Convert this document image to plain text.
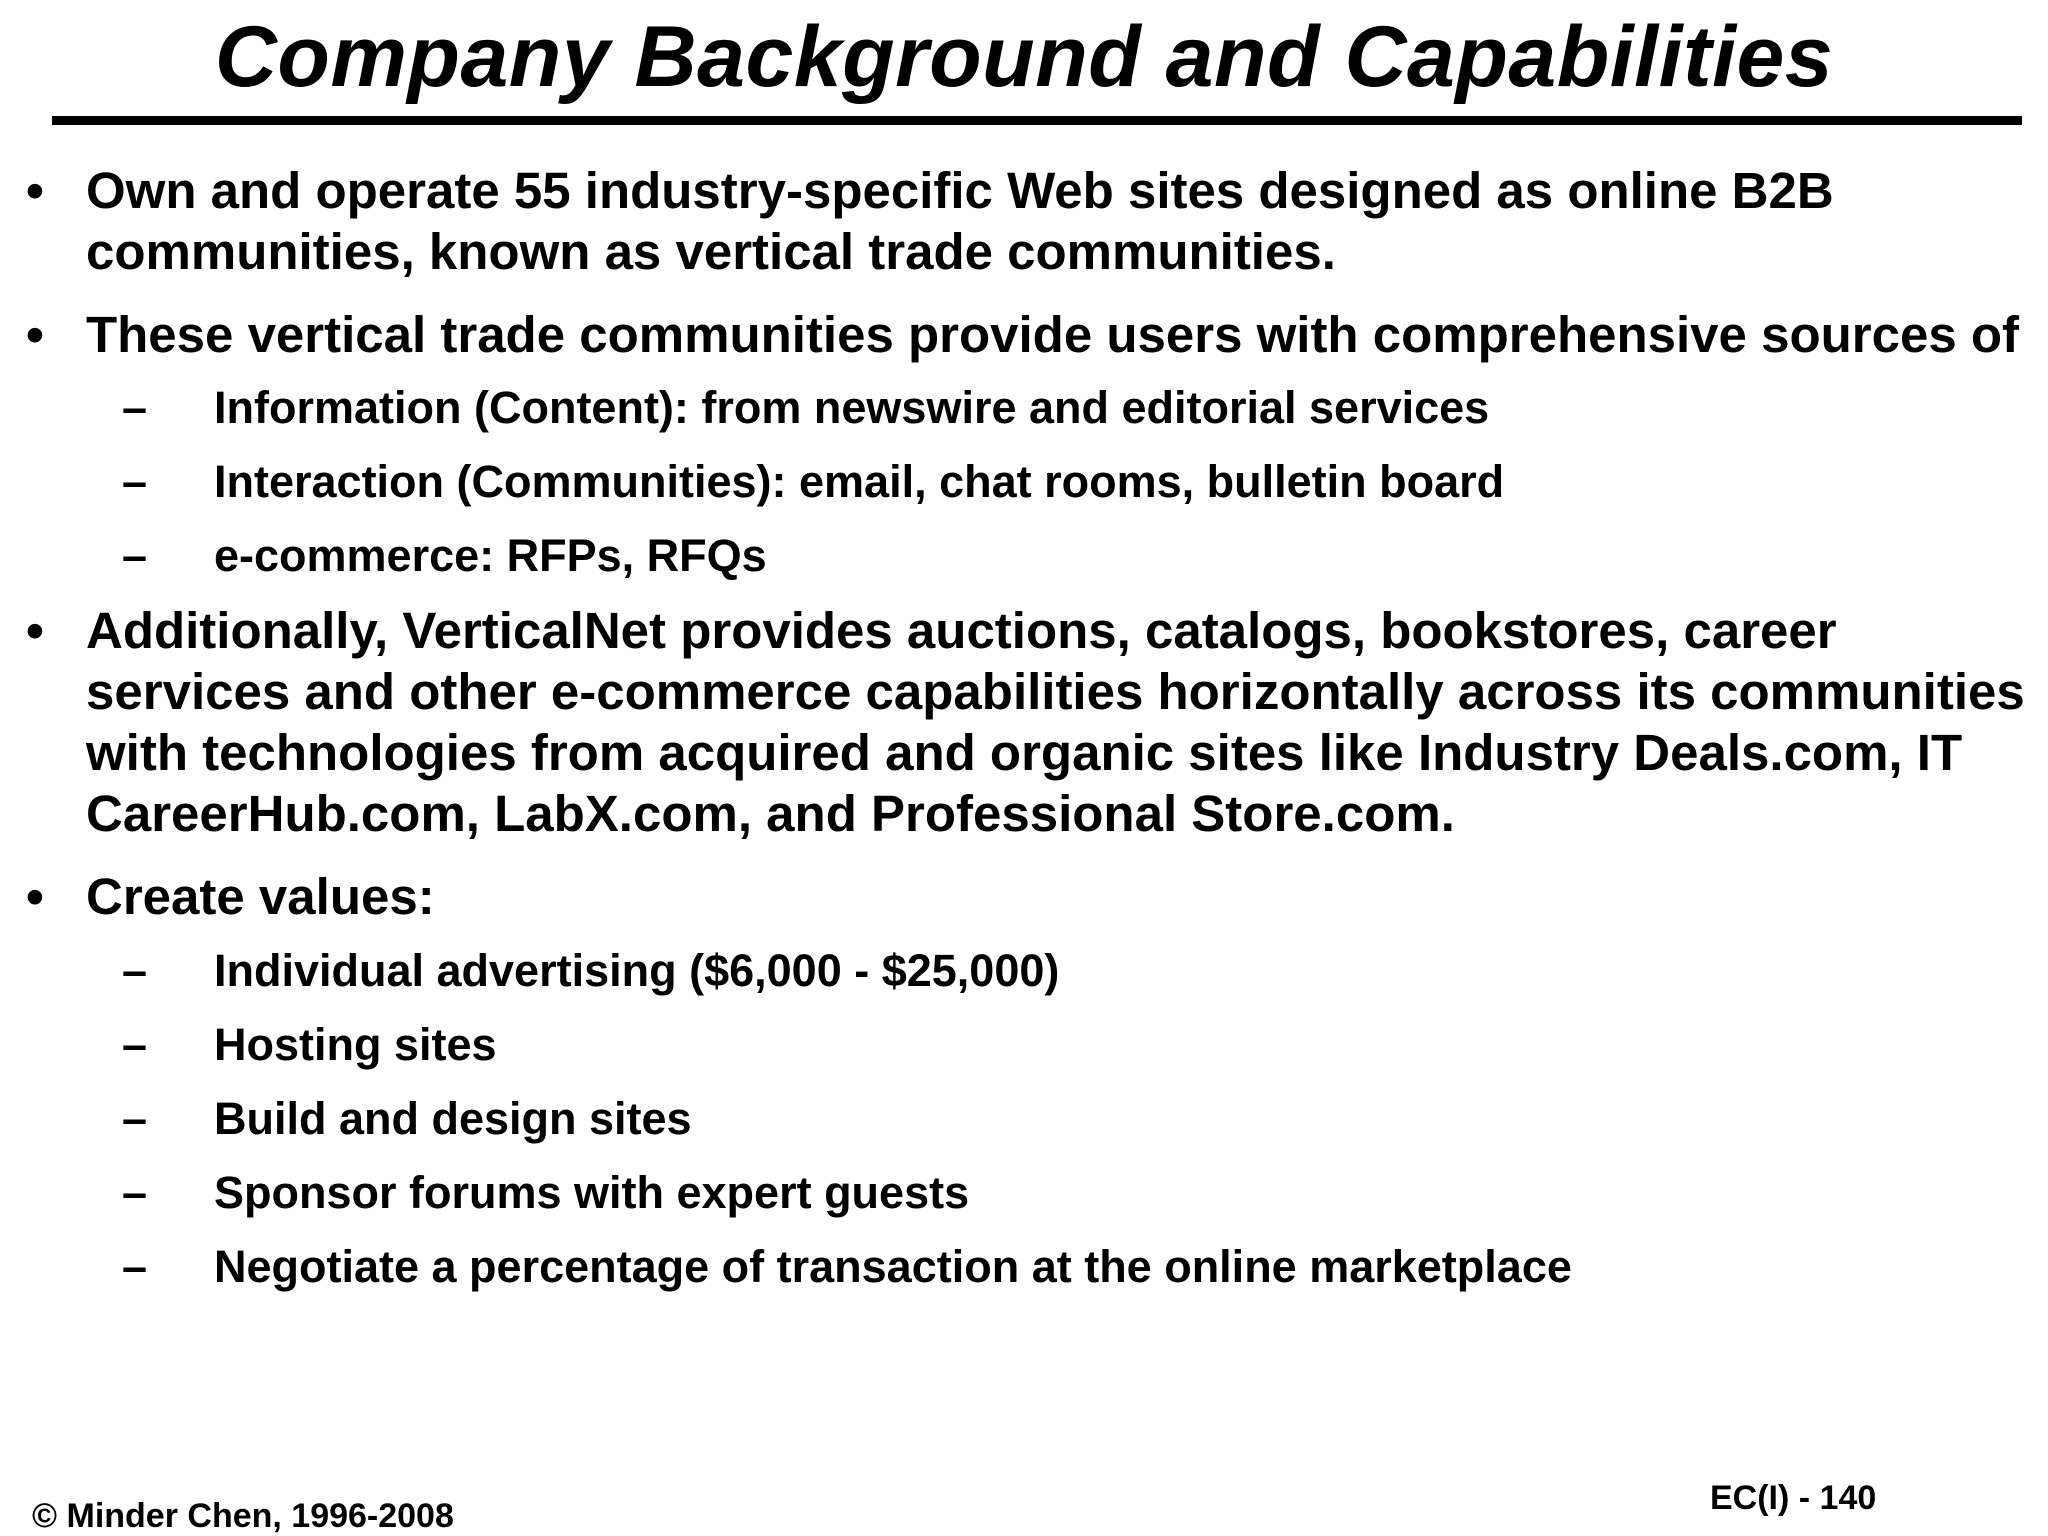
Company Background and Capabilities
• Own and operate 55 industry-specific Web sites designed as online B2B communities, known as vertical trade communities.
• These vertical trade communities provide users with comprehensive sources of
– Information (Content): from newswire and editorial services
– Interaction (Communities): email, chat rooms, bulletin board
– e-commerce: RFPs, RFQs
• Additionally, VerticalNet provides auctions, catalogs, bookstores, career services and other e-commerce capabilities horizontally across its communities with technologies from acquired and organic sites like Industry Deals.com, IT CareerHub.com, LabX.com, and Professional Store.com.
• Create values:
– Individual advertising ($6,000 - $25,000)
– Hosting sites
– Build and design sites
– Sponsor forums with expert guests
– Negotiate a percentage of transaction at the online marketplace
© Minder Chen, 1996-2008	EC(I) - 140
